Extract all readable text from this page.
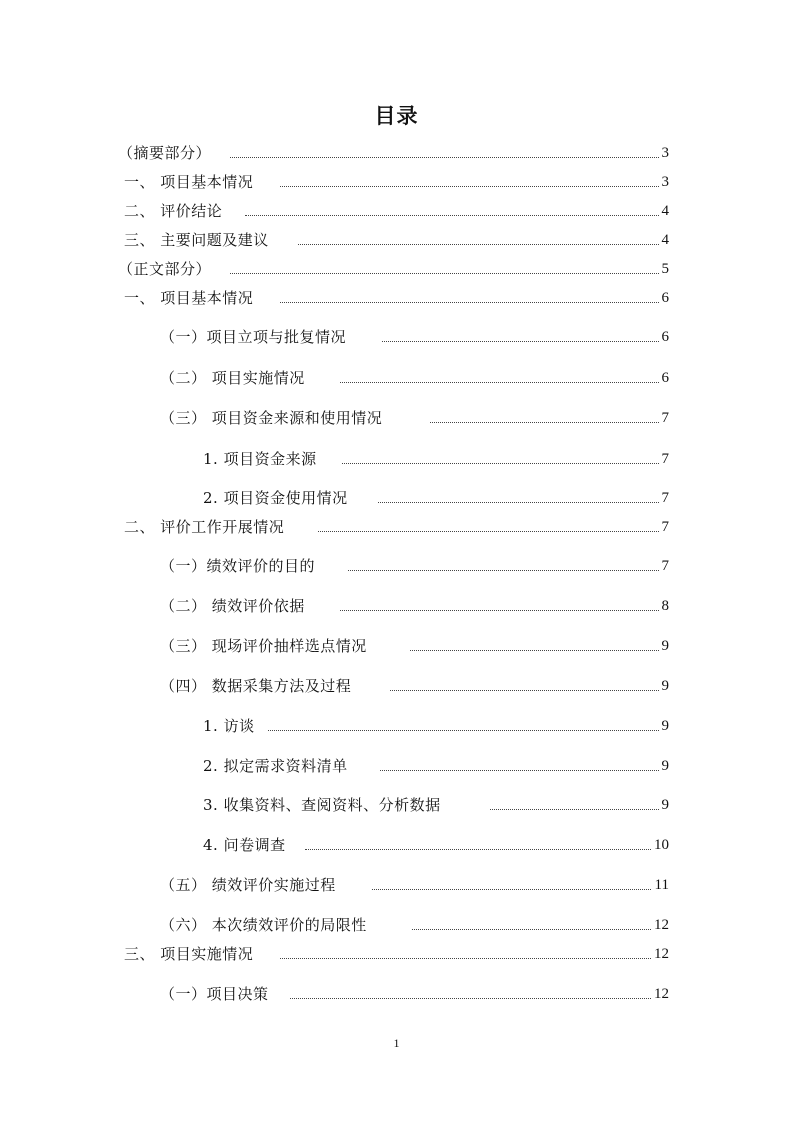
目录
（摘要部分）	3
一、 项目基本情况	3
二、 评价结论	4
三、 主要问题及建议	4
（正文部分）	5
一、 项目基本情况	6
（一）项目立项与批复情况	6
（二） 项目实施情况	6
（三） 项目资金来源和使用情况	7
1. 项目资金来源	7
2. 项目资金使用情况	7
二、 评价工作开展情况	7
（一）绩效评价的目的	7
（二） 绩效评价依据	8
（三） 现场评价抽样选点情况	9
（四） 数据采集方法及过程	9
1. 访谈	9
2. 拟定需求资料清单	9
3. 收集资料、查阅资料、分析数据	9
4. 问卷调查	10
（五） 绩效评价实施过程	11
（六） 本次绩效评价的局限性	12
三、 项目实施情况	12
（一）项目决策	12
1
